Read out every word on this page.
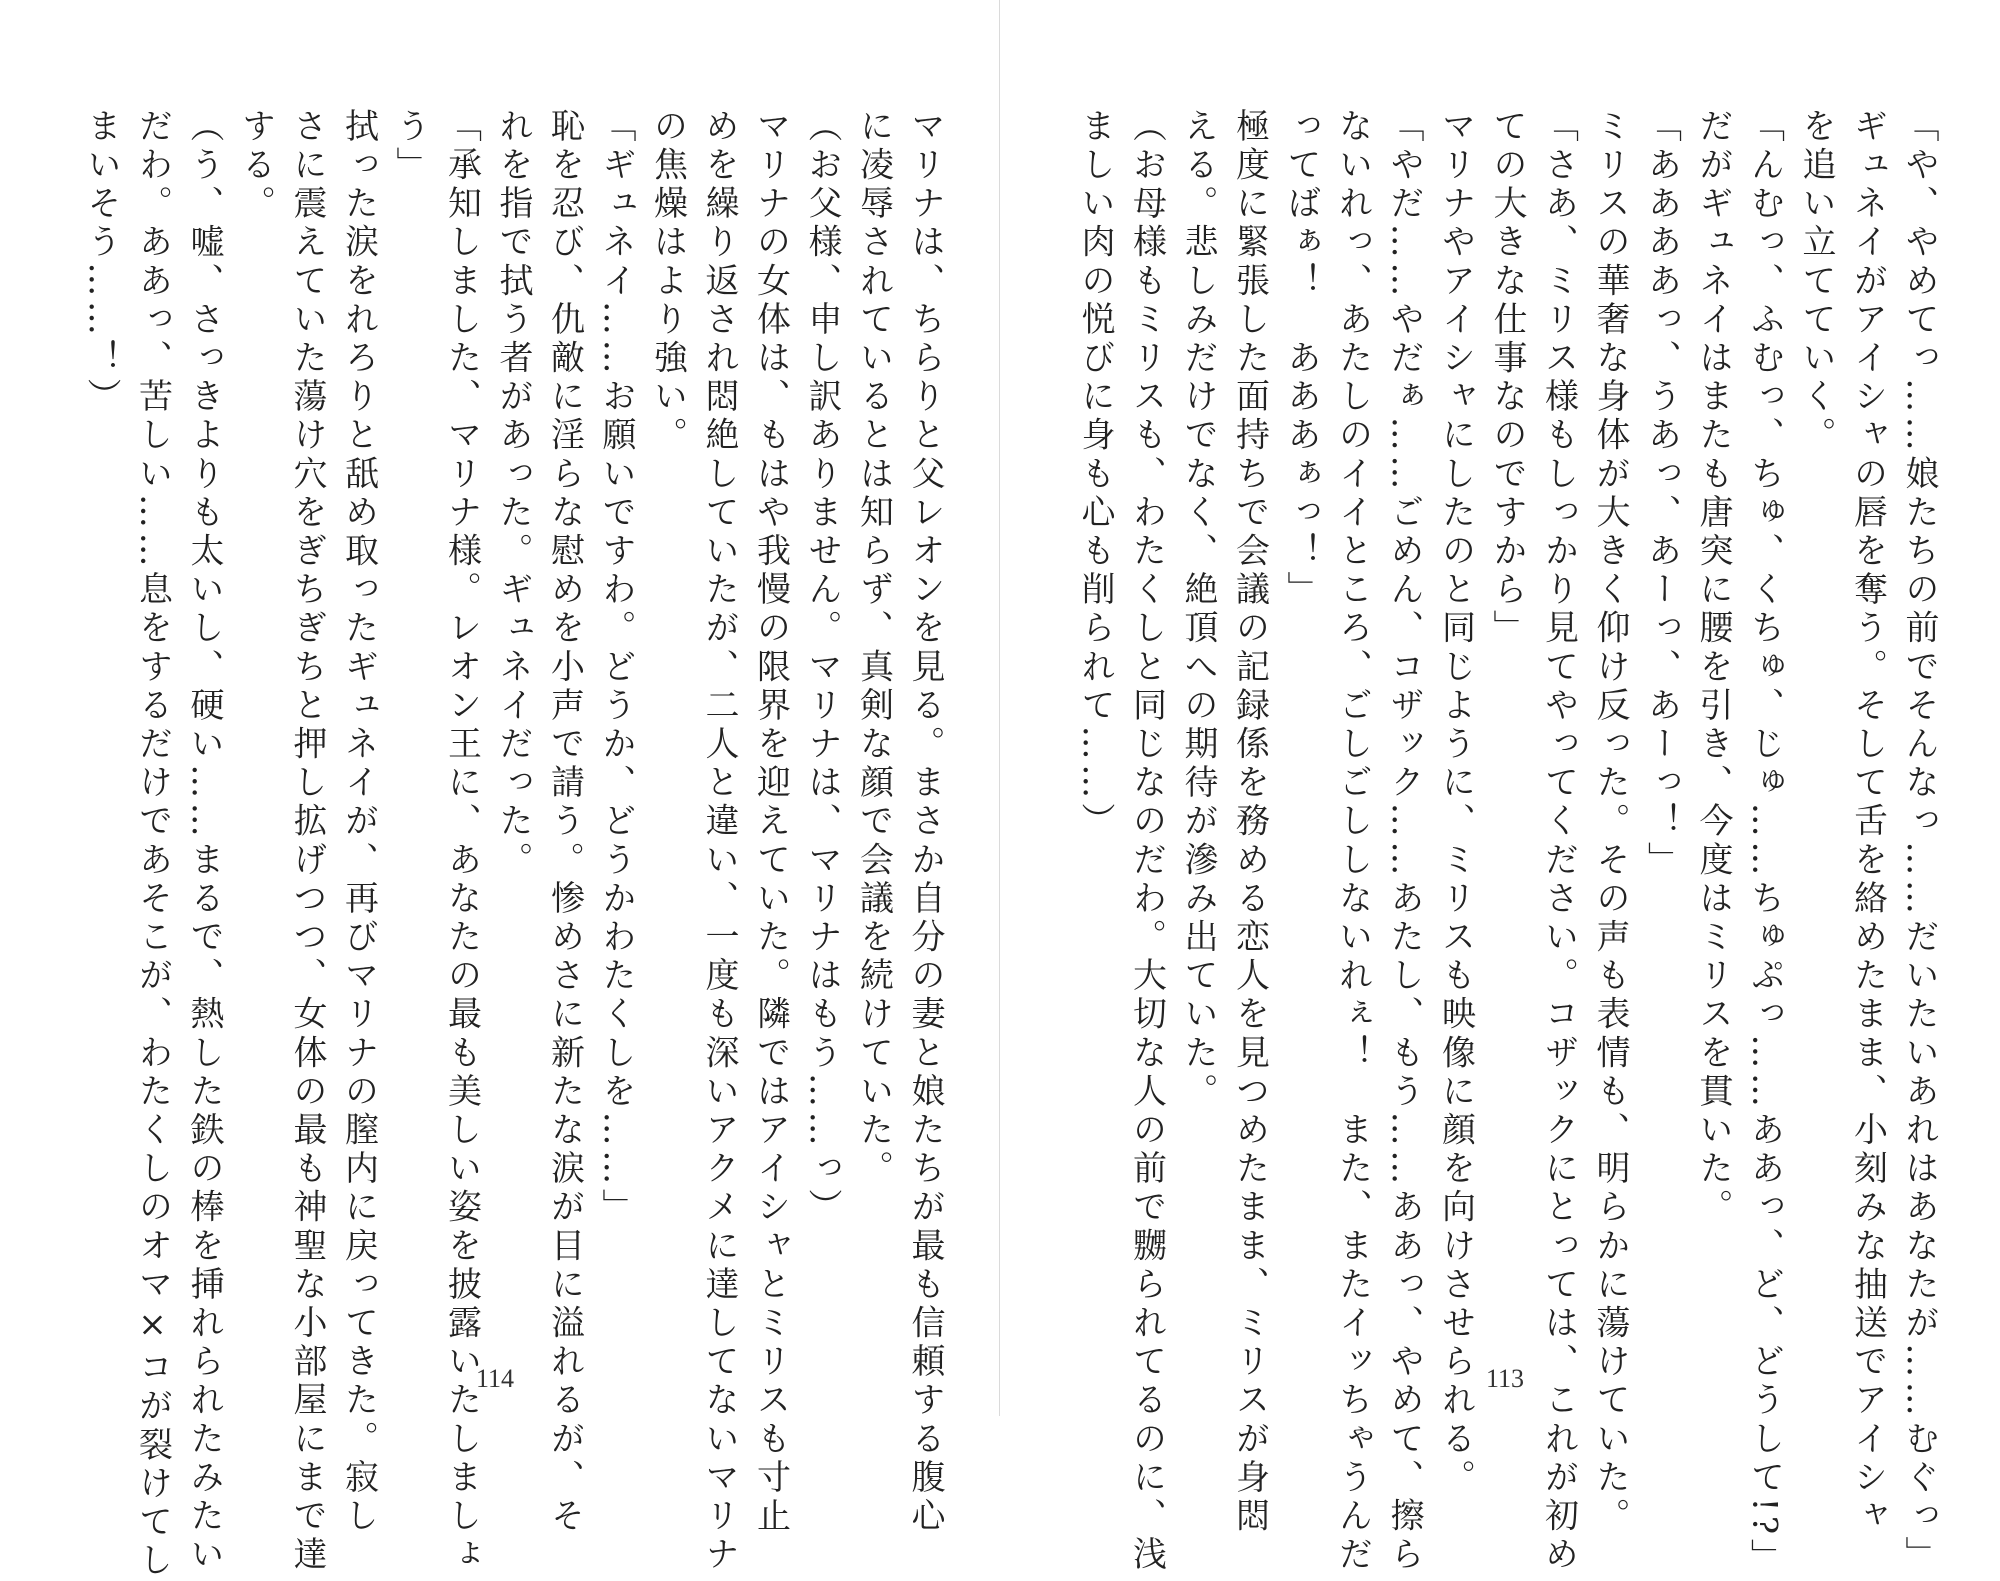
マリナは、ちらりと父レオンを見る。まさか自分の妻と娘たちが最も信頼する腹心

に凌辱されているとは知らず、真剣な顔で会議を続けていた。

（お父様、申し訳ありません。マリナは、マリナはもう……っ）

マリナの女体は、もはや我慢の限界を迎えていた。隣ではアイシャとミリスも寸止

めを繰り返され悶絶していたが、二人と違い、一度も深いアクメに達してないマリナ

の焦燥はより強い。

「ギュネイ……お願いですわ。どうか、どうかわたくしを……」

恥を忍び、仇敵に淫らな慰めを小声で請う。惨めさに新たな涙が目に溢れるが、そ

れを指で拭う者があった。ギュネイだった。

「承知しました、マリナ様。レオン王に、あなたの最も美しい姿を披露いたしましょ

う」

拭った涙をれろりと舐め取ったギュネイが、再びマリナの膣内に戻ってきた。寂し

さに震えていた蕩け穴をぎちぎちと押し拡げつつ、女体の最も神聖な小部屋にまで達

する。

（う、嘘、さっきよりも太いし、硬い……まるで、熱した鉄の棒を挿れられたみたい

だわ。ああっ、苦しい……息をするだけであそこが、わたくしのオマ×コが裂けてし

まいそう……！）

114	「や、やめてっ……娘たちの前でそんなっ……だいたいあれはあなたが……むぐっ」

ギュネイがアイシャの唇を奪う。そして舌を絡めたまま、小刻みな抽送でアイシャ

を追い立てていく。

「んむっ、ふむっ、ちゅ、くちゅ、じゅ……ちゅぷっ……ああっ、ど、どうして!?」

だがギュネイはまたも唐突に腰を引き、今度はミリスを貫いた。

「ああああっ、うあっ、あーっ、あーっ！」

ミリスの華奢な身体が大きく仰け反った。その声も表情も、明らかに蕩けていた。

「さあ、ミリス様もしっかり見てやってください。コザックにとっては、これが初め

ての大きな仕事なのですから」

マリナやアイシャにしたのと同じように、ミリスも映像に顔を向けさせられる。

「やだ……やだぁ……ごめん、コザック……あたし、もう……ああっ、やめて、擦ら

ないれっ、あたしのイイところ、ごしごししないれぇ！　また、またイッちゃうんだ

ってばぁ！　あああぁっ！」

極度に緊張した面持ちで会議の記録係を務める恋人を見つめたまま、ミリスが身悶

える。悲しみだけでなく、絶頂への期待が滲み出ていた。

（お母様もミリスも、わたくしと同じなのだわ。大切な人の前で嬲られてるのに、浅

ましい肉の悦びに身も心も削られて……）

113
